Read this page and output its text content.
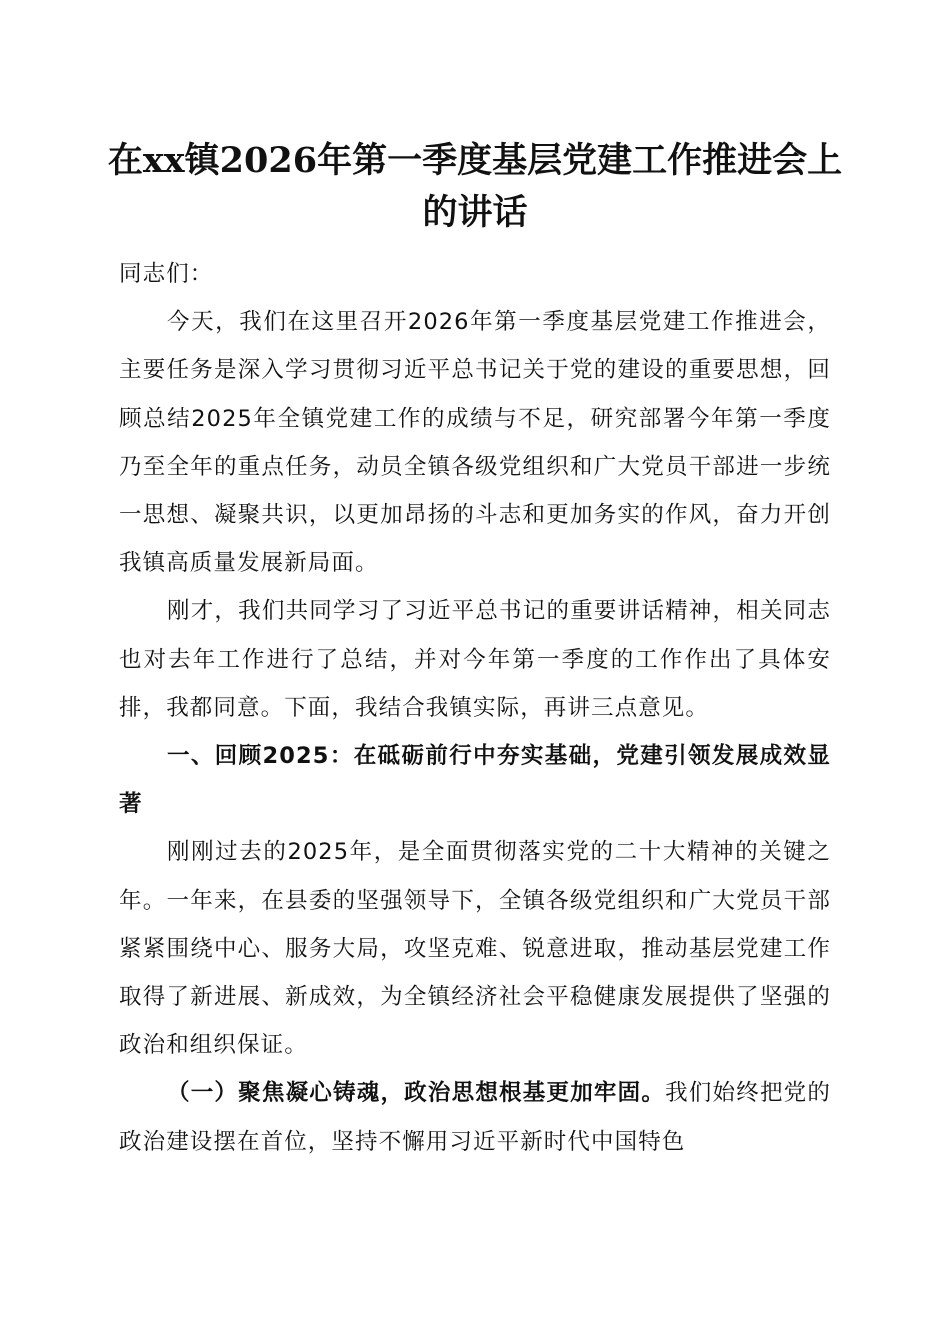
在xx镇2026年第一季度基层党建工作推进会上的讲话

同志们：

今天，我们在这里召开2026年第一季度基层党建工作推进会，主要任务是深入学习贯彻习近平总书记关于党的建设的重要思想，回顾总结2025年全镇党建工作的成绩与不足，研究部署今年第一季度乃至全年的重点任务，动员全镇各级党组织和广大党员干部进一步统一思想、凝聚共识，以更加昂扬的斗志和更加务实的作风，奋力开创我镇高质量发展新局面。

刚才，我们共同学习了习近平总书记的重要讲话精神，相关同志也对去年工作进行了总结，并对今年第一季度的工作作出了具体安排，我都同意。下面，我结合我镇实际，再讲三点意见。

一、回顾2025：在砥砺前行中夯实基础，党建引领发展成效显著

刚刚过去的2025年，是全面贯彻落实党的二十大精神的关键之年。一年来，在县委的坚强领导下，全镇各级党组织和广大党员干部紧紧围绕中心、服务大局，攻坚克难、锐意进取，推动基层党建工作取得了新进展、新成效，为全镇经济社会平稳健康发展提供了坚强的政治和组织保证。

（一）聚焦凝心铸魂，政治思想根基更加牢固。我们始终把党的政治建设摆在首位，坚持不懈用习近平新时代中国特色
